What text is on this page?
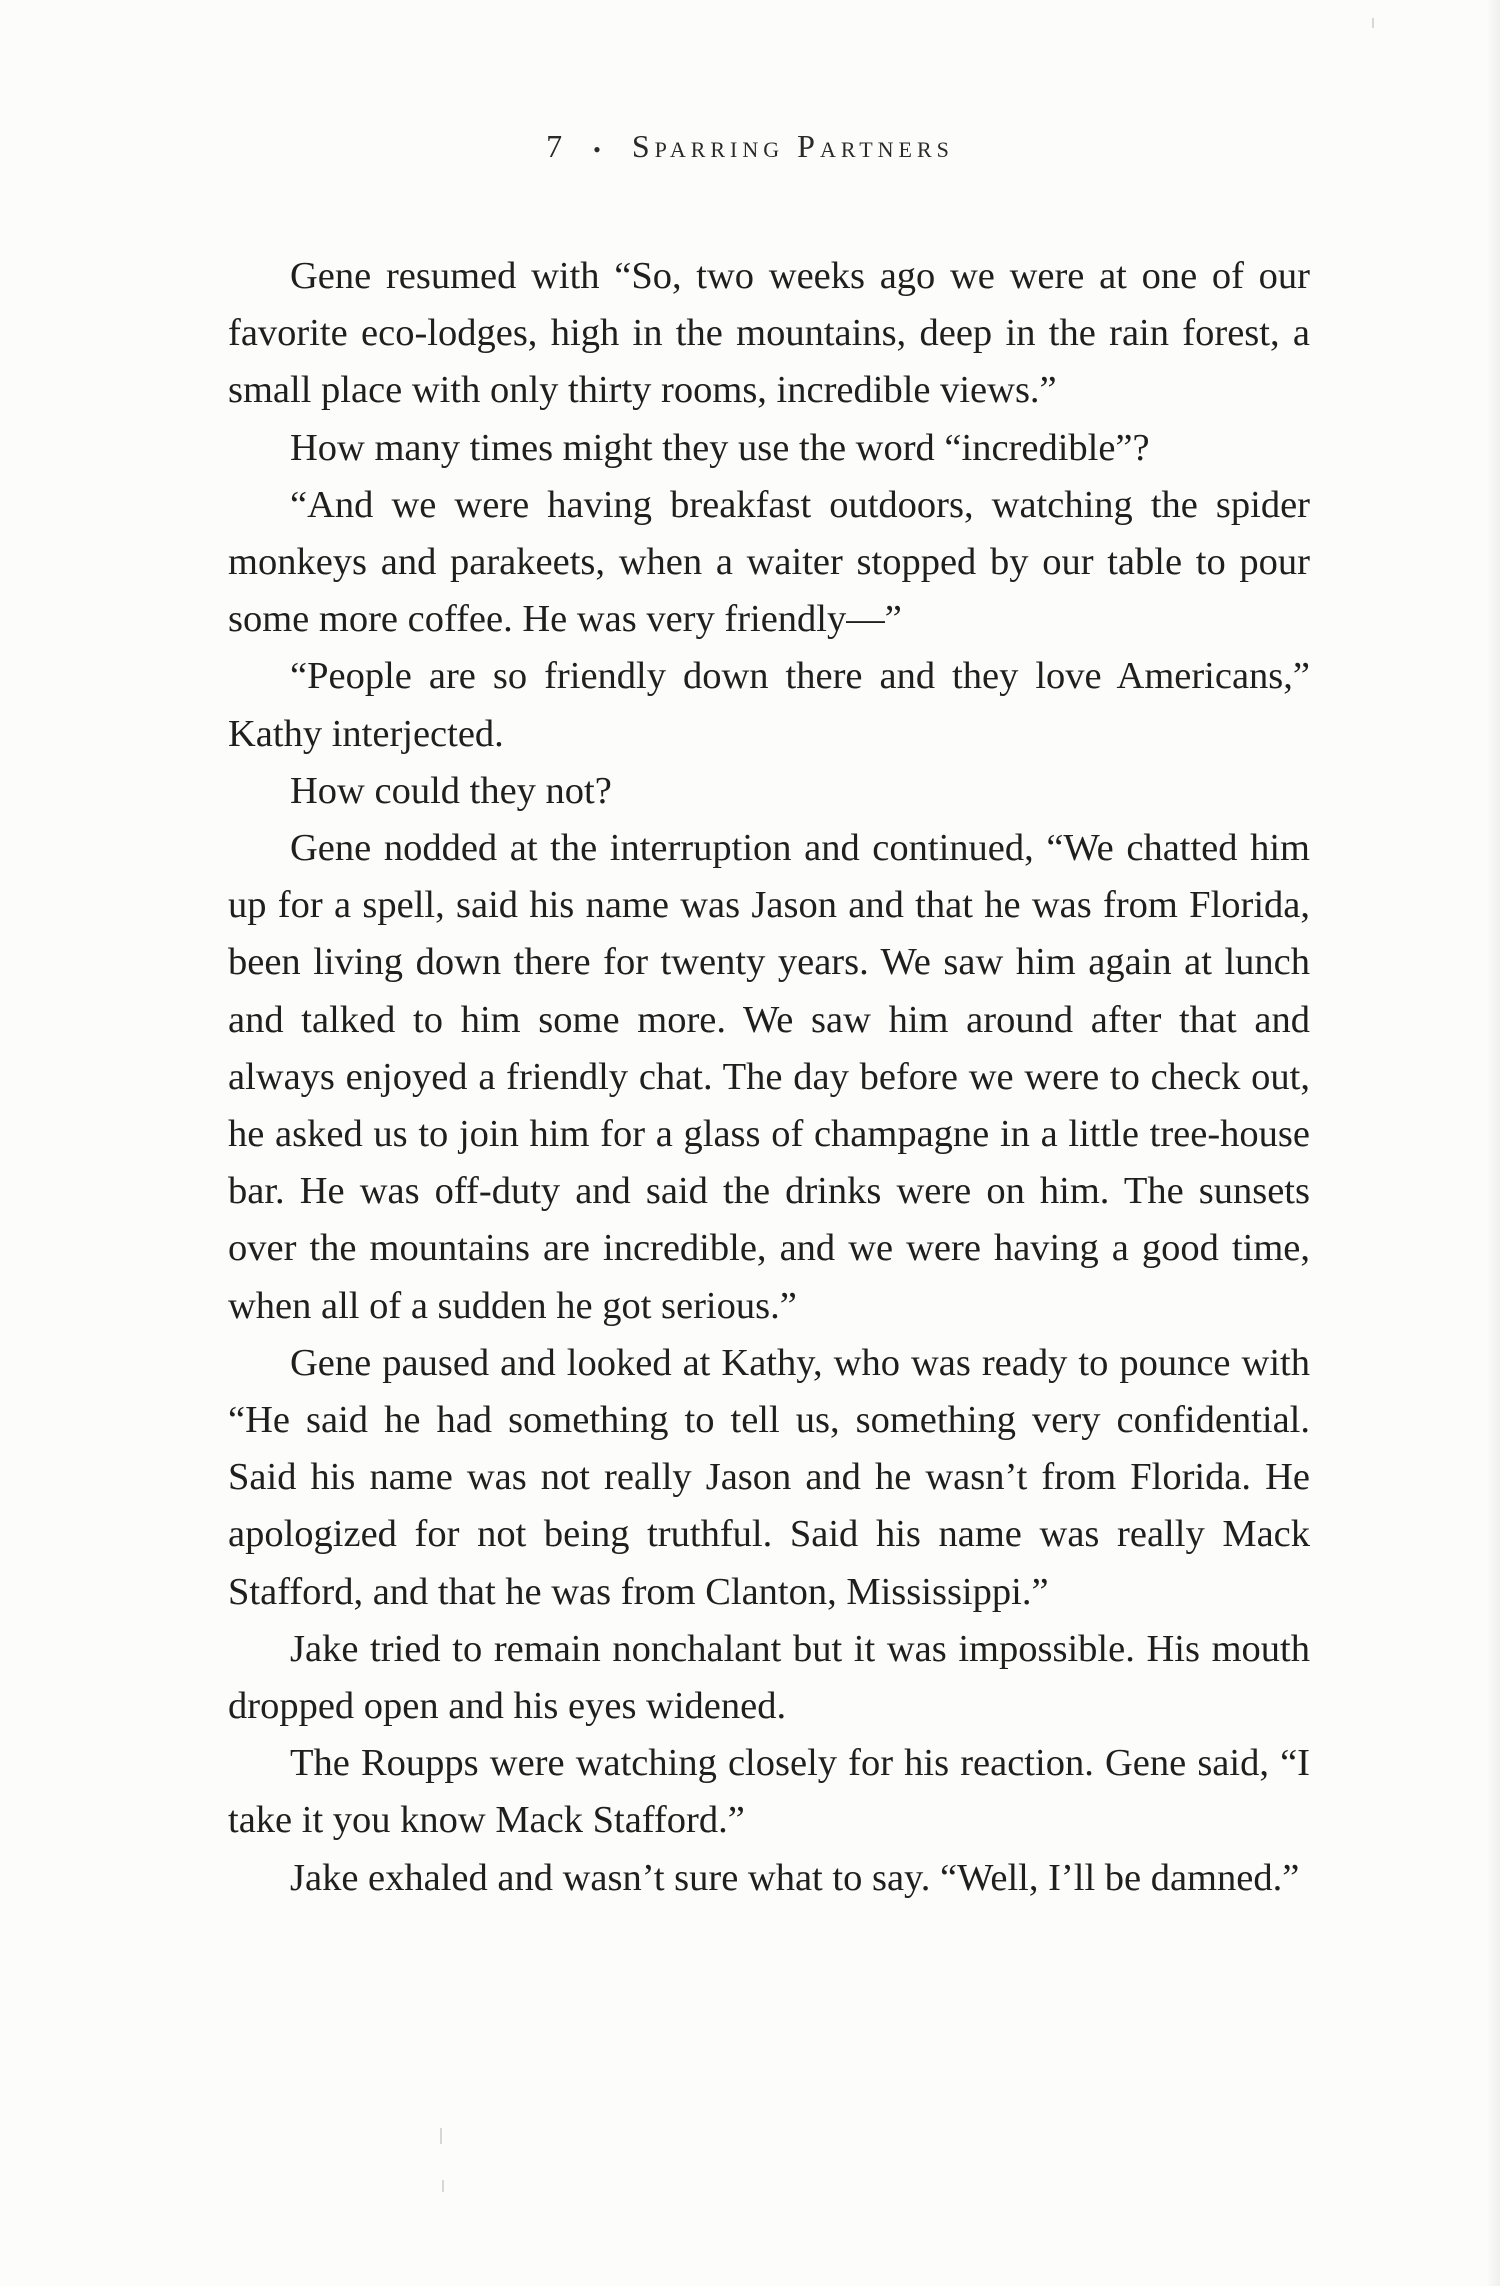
7 • Sparring Partners

Gene resumed with “So, two weeks ago we were at one of our favorite eco-lodges, high in the mountains, deep in the rain forest, a small place with only thirty rooms, incredible views.”

How many times might they use the word “incredible”?

“And we were having breakfast outdoors, watching the spider monkeys and parakeets, when a waiter stopped by our table to pour some more coffee. He was very friendly—”

“People are so friendly down there and they love Americans,” Kathy interjected.

How could they not?

Gene nodded at the interruption and continued, “We chatted him up for a spell, said his name was Jason and that he was from Florida, been living down there for twenty years. We saw him again at lunch and talked to him some more. We saw him around after that and always enjoyed a friendly chat. The day before we were to check out, he asked us to join him for a glass of champagne in a little tree-house bar. He was off-duty and said the drinks were on him. The sunsets over the mountains are incredible, and we were having a good time, when all of a sudden he got serious.”

Gene paused and looked at Kathy, who was ready to pounce with “He said he had something to tell us, something very confidential. Said his name was not really Jason and he wasn’t from Florida. He apologized for not being truthful. Said his name was really Mack Stafford, and that he was from Clanton, Mississippi.”

Jake tried to remain nonchalant but it was impossible. His mouth dropped open and his eyes widened.

The Roupps were watching closely for his reaction. Gene said, “I take it you know Mack Stafford.”

Jake exhaled and wasn’t sure what to say. “Well, I’ll be damned.”
